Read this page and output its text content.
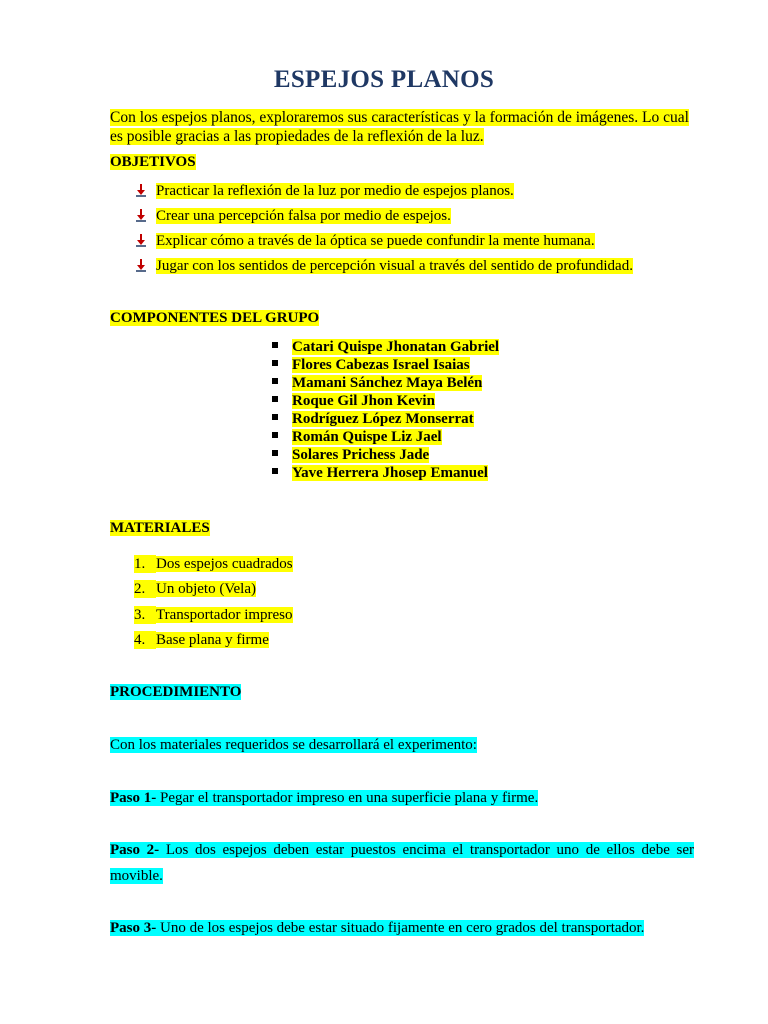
ESPEJOS PLANOS
Con los espejos planos, exploraremos sus características y la formación de imágenes. Lo cual
es posible gracias a las propiedades de la reflexión de la luz.
OBJETIVOS
Practicar la reflexión de la luz por medio de espejos planos.
Crear una percepción falsa por medio de espejos.
Explicar cómo a través de la óptica se puede confundir la mente humana.
Jugar con los sentidos de percepción visual a través del sentido de profundidad.
COMPONENTES DEL GRUPO
Catari Quispe Jhonatan Gabriel
Flores Cabezas Israel Isaias
Mamani Sánchez Maya Belén
Roque Gil Jhon Kevin
Rodríguez López Monserrat
Román Quispe Liz Jael
Solares Prichess Jade
Yave Herrera Jhosep Emanuel
MATERIALES
1. Dos espejos cuadrados
2. Un objeto (Vela)
3. Transportador impreso
4. Base plana y firme
PROCEDIMIENTO
Con los materiales requeridos se desarrollará el experimento:
Paso 1- Pegar el transportador impreso en una superficie plana y firme.
Paso 2- Los dos espejos deben estar puestos encima el transportador uno de ellos debe ser
movible.
Paso 3- Uno de los espejos debe estar situado fijamente en cero grados del transportador.
